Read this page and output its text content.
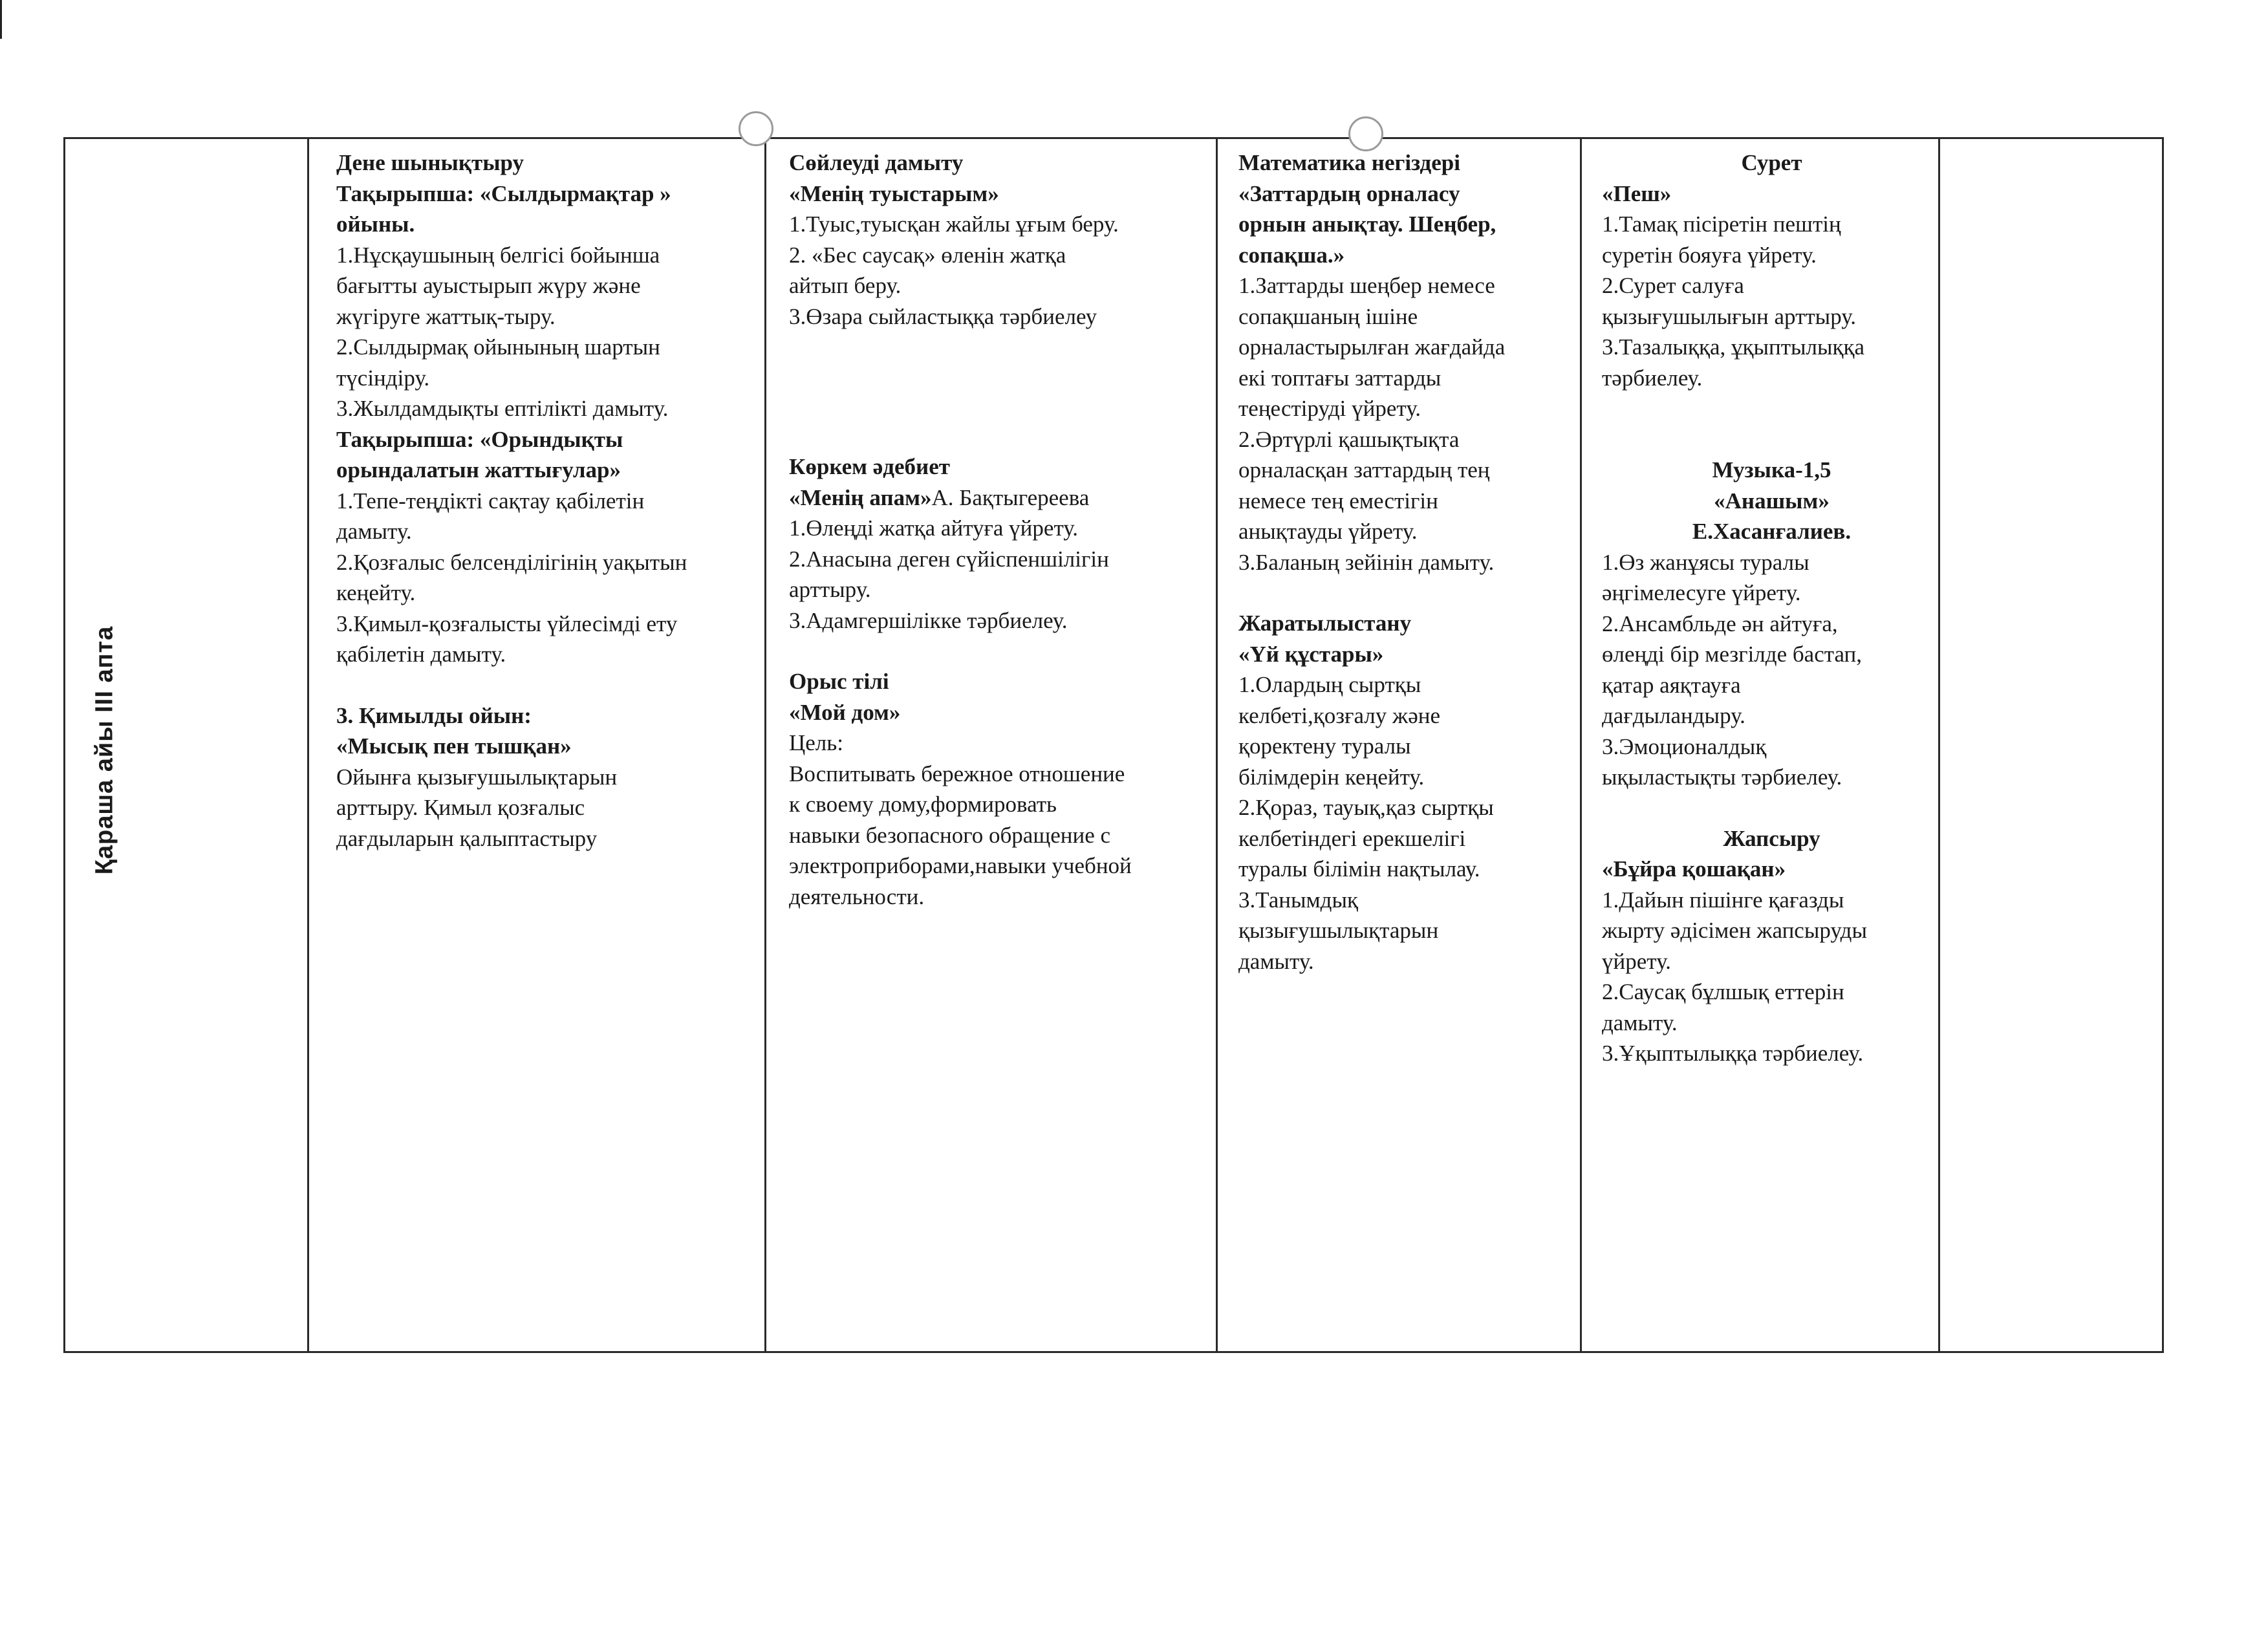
Қараша айы ІІІ апта

Дене шынықтыру

Тақырыпша: «Сылдырмақтар »

ойыны.

1.Нұсқаушының белгісі бойынша

бағытты ауыстырып жүру және

жүгіруге жаттық-тыру.

2.Сылдырмақ ойынының шартын

түсіндіру.

3.Жылдамдықты ептілікті дамыту.

Тақырыпша: «Орындықты

орындалатын жаттығулар»

1.Тепе-теңдікті сақтау қабілетін

дамыту.

2.Қозғалыс белсенділігінің уақытын

кеңейту.

3.Қимыл-қозғалысты үйлесімді ету

қабілетін дамыту.

3. Қимылды ойын:

«Мысық пен тышқан»

Ойынға қызығушылықтарын

арттыру. Қимыл қозғалыс

дағдыларын қалыптастыру

Сөйлеуді дамыту

«Менің туыстарым»

1.Туыс,туысқан жайлы ұғым беру.

2. «Бес саусақ» өленін жатқа

айтып беру.

3.Өзара сыйластыққа тәрбиелеу

Көркем әдебиет

«Менің апам»А. Бақтыгереева

1.Өлеңді жатқа айтуға үйрету.

2.Анасына деген сүйіспеншілігін

арттыру.

3.Адамгершілікке тәрбиелеу.

Орыс тілі

«Мой дом»

Цель:

Воспитывать бережное отношение

к своему дому,формировать

навыки безопасного обращение с

электроприборами,навыки учебной

деятельности.

Математика негіздері

«Заттардың орналасу

орнын анықтау. Шеңбер,

сопақша.»

1.Заттарды шеңбер немесе

сопақшаның ішіне

орналастырылған жағдайда

екі топтағы заттарды

теңестіруді үйрету.

2.Әртүрлі қашықтықта

орналасқан заттардың тең

немесе тең еместігін

анықтауды үйрету.

3.Баланың зейінін дамыту.

Жаратылыстану

«Үй құстары»

1.Олардың сыртқы

келбеті,қозғалу және

қоректену туралы

білімдерін кеңейту.

2.Қораз, тауық,қаз сыртқы

келбетіндегі ерекшелігі

туралы білімін нақтылау.

3.Танымдық

қызығушылықтарын

дамыту.

Сурет

«Пеш»

1.Тамақ пісіретін пештің

суретін бояуға үйрету.

2.Сурет салуға

қызығушылығын арттыру.

3.Тазалыққа, ұқыптылыққа

тәрбиелеу.

Музыка-1,5

«Анашым»

Е.Хасанғалиев.

1.Өз жанұясы туралы

әңгімелесуге үйрету.

2.Ансамбльде ән айтуға,

өлеңді бір мезгілде бастап,

қатар аяқтауға

дағдыландыру.

3.Эмоционалдық

ықыластықты тәрбиелеу.

Жапсыру

«Бұйра қошақан»

1.Дайын пішінге қағазды

жырту әдісімен жапсыруды

үйрету.

2.Саусақ бұлшық еттерін

дамыту.

3.Ұқыптылыққа тәрбиелеу.
